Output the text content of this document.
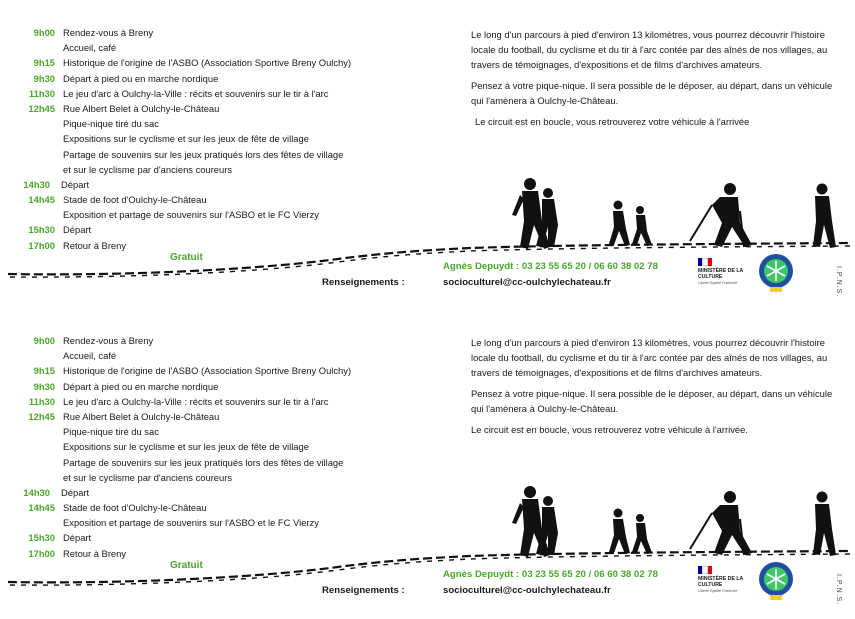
9h00 Rendez-vous à Breny
Accueil, café
9h15 Historique de l'origine de l'ASBO (Association Sportive Breny Oulchy)
9h30 Départ à pied ou en marche nordique
11h30 Le jeu d'arc à Oulchy-la-Ville : récits et souvenirs sur le tir à l'arc
12h45 Rue Albert Belet à Oulchy-le-Château
Pique-nique tiré du sac
Expositions sur le cyclisme et sur les jeux de fête de village
Partage de souvenirs sur les jeux pratiqués lors des fêtes de village
et sur le cyclisme par d'anciens coureurs
14h30 Départ
14h45 Stade de foot d'Oulchy-le-Château
Exposition et partage de souvenirs sur l'ASBO et le FC Vierzy
15h30 Départ
17h00 Retour à Breny

Le long d'un parcours à pied d'environ 13 kilomètres, vous pourrez découvrir l'histoire locale du football, du cyclisme et du tir à l'arc contée par des aînés de nos villages, au travers de témoignages, d'expositions et de films d'archives amateurs.

Pensez à votre pique-nique. Il sera possible de le déposer, au départ, dans un véhicule qui l'amènera à Oulchy-le-Château.

Le circuit est en boucle, vous retrouverez votre véhicule à l'arrivée

Gratuit
Agnès Depuydt : 03 23 55 65 20 / 06 60 38 02 78
Renseignements :	socioculturel@cc-oulchylechateau.fr
MINISTÈRE DE LA CULTURE
Liberté Égalité Fraternité	I.P.N.S.
9h00 Rendez-vous à Breny
Accueil, café
9h15 Historique de l'origine de l'ASBO (Association Sportive Breny Oulchy)
9h30 Départ à pied ou en marche nordique
11h30 Le jeu d'arc à Oulchy-la-Ville : récits et souvenirs sur le tir à l'arc
12h45 Rue Albert Belet à Oulchy-le-Château
Pique-nique tiré du sac
Expositions sur le cyclisme et sur les jeux de fête de village
Partage de souvenirs sur les jeux pratiqués lors des fêtes de village
et sur le cyclisme par d'anciens coureurs
14h30 Départ
14h45 Stade de foot d'Oulchy-le-Château
Exposition et partage de souvenirs sur l'ASBO et le FC Vierzy
15h30 Départ
17h00 Retour à Breny

Le long d'un parcours à pied d'environ 13 kilomètres, vous pourrez découvrir l'histoire locale du football, du cyclisme et du tir à l'arc contée par des aînés de nos villages, au travers de témoignages, d'expositions et de films d'archives amateurs.

Pensez à votre pique-nique. Il sera possible de le déposer, au départ, dans un véhicule qui l'amènera à Oulchy-le-Château.

Le circuit est en boucle, vous retrouverez votre véhicule à l'arrivée.

Gratuit
Agnès Depuydt : 03 23 55 65 20 / 06 60 38 02 78
Renseignements :	socioculturel@cc-oulchylechateau.fr
MINISTÈRE DE LA CULTURE
Liberté Égalité Fraternité	I.P.N.S.
